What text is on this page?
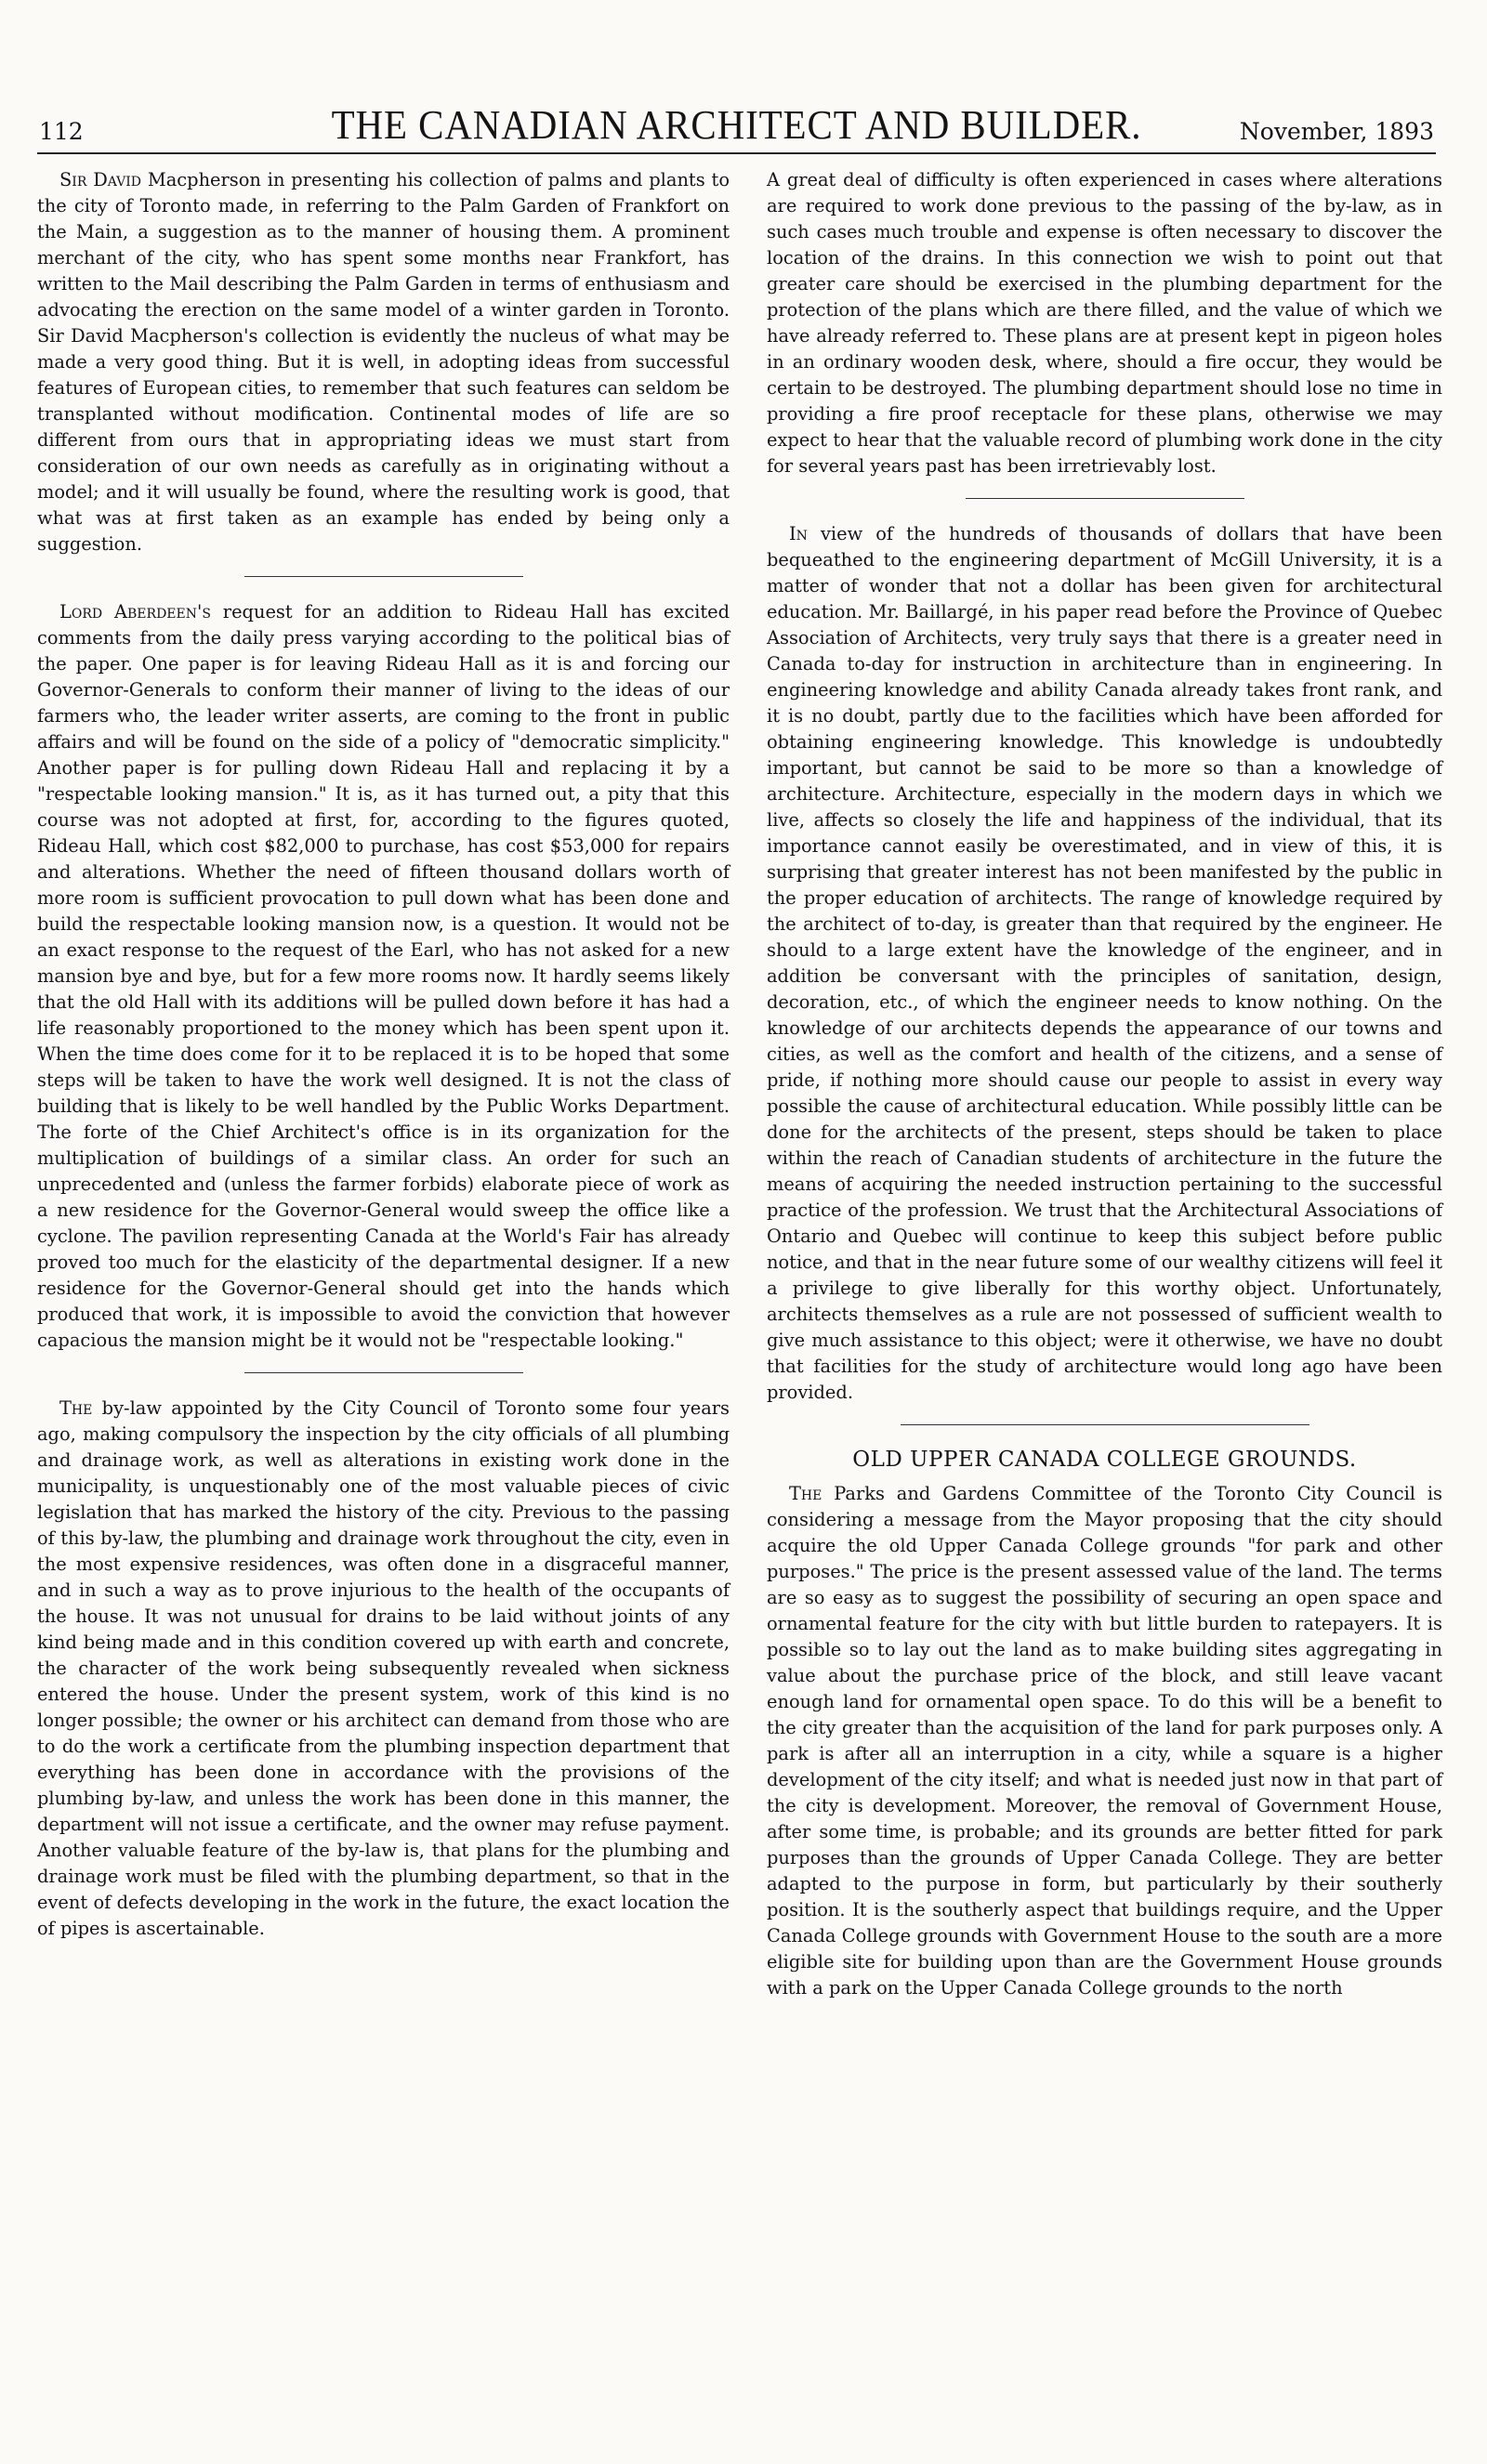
112	THE CANADIAN ARCHITECT AND BUILDER.	November, 1893

Sir David Macpherson in presenting his collection of palms and plants to the city of Toronto made, in referring to the Palm Garden of Frankfort on the Main, a suggestion as to the manner of housing them. A prominent merchant of the city, who has spent some months near Frankfort, has written to the Mail describing the Palm Garden in terms of enthusiasm and advocating the erection on the same model of a winter garden in Toronto. Sir David Macpherson's collection is evidently the nucleus of what may be made a very good thing. But it is well, in adopting ideas from successful features of European cities, to remember that such features can seldom be transplanted without modification. Continental modes of life are so different from ours that in appropriating ideas we must start from consideration of our own needs as carefully as in originating without a model; and it will usually be found, where the resulting work is good, that what was at first taken as an example has ended by being only a suggestion.

Lord Aberdeen's request for an addition to Rideau Hall has excited comments from the daily press varying according to the political bias of the paper. One paper is for leaving Rideau Hall as it is and forcing our Governor-Generals to conform their manner of living to the ideas of our farmers who, the leader writer asserts, are coming to the front in public affairs and will be found on the side of a policy of "democratic simplicity." Another paper is for pulling down Rideau Hall and replacing it by a "respectable looking mansion." It is, as it has turned out, a pity that this course was not adopted at first, for, according to the figures quoted, Rideau Hall, which cost $82,000 to purchase, has cost $53,000 for repairs and alterations. Whether the need of fifteen thousand dollars worth of more room is sufficient provocation to pull down what has been done and build the respectable looking mansion now, is a question. It would not be an exact response to the request of the Earl, who has not asked for a new mansion bye and bye, but for a few more rooms now. It hardly seems likely that the old Hall with its additions will be pulled down before it has had a life reasonably proportioned to the money which has been spent upon it. When the time does come for it to be replaced it is to be hoped that some steps will be taken to have the work well designed. It is not the class of building that is likely to be well handled by the Public Works Department. The forte of the Chief Architect's office is in its organization for the multiplication of buildings of a similar class. An order for such an unprecedented and (unless the farmer forbids) elaborate piece of work as a new residence for the Governor-General would sweep the office like a cyclone. The pavilion representing Canada at the World's Fair has already proved too much for the elasticity of the departmental designer. If a new residence for the Governor-General should get into the hands which produced that work, it is impossible to avoid the conviction that however capacious the mansion might be it would not be "respectable looking."

The by-law appointed by the City Council of Toronto some four years ago, making compulsory the inspection by the city officials of all plumbing and drainage work, as well as alterations in existing work done in the municipality, is unquestionably one of the most valuable pieces of civic legislation that has marked the history of the city. Previous to the passing of this by-law, the plumbing and drainage work throughout the city, even in the most expensive residences, was often done in a disgraceful manner, and in such a way as to prove injurious to the health of the occupants of the house. It was not unusual for drains to be laid without joints of any kind being made and in this condition covered up with earth and concrete, the character of the work being subsequently revealed when sickness entered the house. Under the present system, work of this kind is no longer possible; the owner or his architect can demand from those who are to do the work a certificate from the plumbing inspection department that everything has been done in accordance with the provisions of the plumbing by-law, and unless the work has been done in this manner, the department will not issue a certificate, and the owner may refuse payment. Another valuable feature of the by-law is, that plans for the plumbing and drainage work must be filed with the plumbing department, so that in the event of defects developing in the work in the future, the exact location the of pipes is ascertainable.

A great deal of difficulty is often experienced in cases where alterations are required to work done previous to the passing of the by-law, as in such cases much trouble and expense is often necessary to discover the location of the drains. In this connection we wish to point out that greater care should be exercised in the plumbing department for the protection of the plans which are there filled, and the value of which we have already referred to. These plans are at present kept in pigeon holes in an ordinary wooden desk, where, should a fire occur, they would be certain to be destroyed. The plumbing department should lose no time in providing a fire proof receptacle for these plans, otherwise we may expect to hear that the valuable record of plumbing work done in the city for several years past has been irretrievably lost.

In view of the hundreds of thousands of dollars that have been bequeathed to the engineering department of McGill University, it is a matter of wonder that not a dollar has been given for architectural education. Mr. Baillargé, in his paper read before the Province of Quebec Association of Architects, very truly says that there is a greater need in Canada to-day for instruction in architecture than in engineering. In engineering knowledge and ability Canada already takes front rank, and it is no doubt, partly due to the facilities which have been afforded for obtaining engineering knowledge. This knowledge is undoubtedly important, but cannot be said to be more so than a knowledge of architecture. Architecture, especially in the modern days in which we live, affects so closely the life and happiness of the individual, that its importance cannot easily be overestimated, and in view of this, it is surprising that greater interest has not been manifested by the public in the proper education of architects. The range of knowledge required by the architect of to-day, is greater than that required by the engineer. He should to a large extent have the knowledge of the engineer, and in addition be conversant with the principles of sanitation, design, decoration, etc., of which the engineer needs to know nothing. On the knowledge of our architects depends the appearance of our towns and cities, as well as the comfort and health of the citizens, and a sense of pride, if nothing more should cause our people to assist in every way possible the cause of architectural education. While possibly little can be done for the architects of the present, steps should be taken to place within the reach of Canadian students of architecture in the future the means of acquiring the needed instruction pertaining to the successful practice of the profession. We trust that the Architectural Associations of Ontario and Quebec will continue to keep this subject before public notice, and that in the near future some of our wealthy citizens will feel it a privilege to give liberally for this worthy object. Unfortunately, architects themselves as a rule are not possessed of sufficient wealth to give much assistance to this object; were it otherwise, we have no doubt that facilities for the study of architecture would long ago have been provided.

OLD UPPER CANADA COLLEGE GROUNDS.

The Parks and Gardens Committee of the Toronto City Council is considering a message from the Mayor proposing that the city should acquire the old Upper Canada College grounds "for park and other purposes." The price is the present assessed value of the land. The terms are so easy as to suggest the possibility of securing an open space and ornamental feature for the city with but little burden to ratepayers. It is possible so to lay out the land as to make building sites aggregating in value about the purchase price of the block, and still leave vacant enough land for ornamental open space. To do this will be a benefit to the city greater than the acquisition of the land for park purposes only. A park is after all an interruption in a city, while a square is a higher development of the city itself; and what is needed just now in that part of the city is development. Moreover, the removal of Government House, after some time, is probable; and its grounds are better fitted for park purposes than the grounds of Upper Canada College. They are better adapted to the purpose in form, but particularly by their southerly position. It is the southerly aspect that buildings require, and the Upper Canada College grounds with Government House to the south are a more eligible site for building upon than are the Government House grounds with a park on the Upper Canada College grounds to the north
